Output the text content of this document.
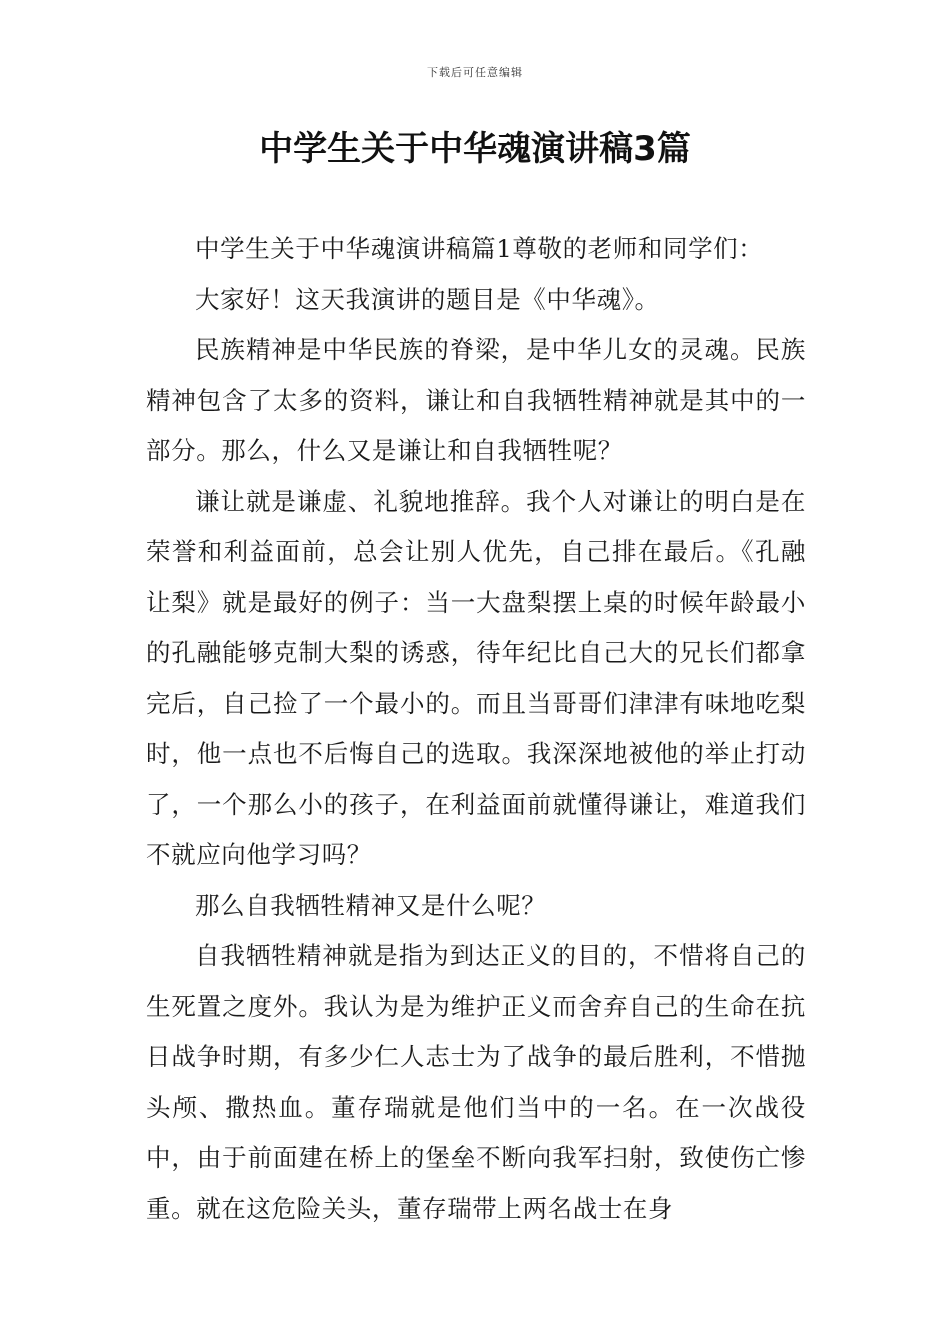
下载后可任意编辑
中学生关于中华魂演讲稿3篇

中学生关于中华魂演讲稿篇1尊敬的老师和同学们：

大家好！这天我演讲的题目是《中华魂》。

民族精神是中华民族的脊梁，是中华儿女的灵魂。民族精神包含了太多的资料，谦让和自我牺牲精神就是其中的一部分。那么，什么又是谦让和自我牺牲呢？

谦让就是谦虚、礼貌地推辞。我个人对谦让的明白是在荣誉和利益面前，总会让别人优先，自己排在最后。《孔融让梨》就是最好的例子：当一大盘梨摆上桌的时候年龄最小的孔融能够克制大梨的诱惑，待年纪比自己大的兄长们都拿完后，自己捡了一个最小的。而且当哥哥们津津有味地吃梨时，他一点也不后悔自己的选取。我深深地被他的举止打动了，一个那么小的孩子，在利益面前就懂得谦让，难道我们不就应向他学习吗？

那么自我牺牲精神又是什么呢？

自我牺牲精神就是指为到达正义的目的，不惜将自己的生死置之度外。我认为是为维护正义而舍弃自己的生命在抗日战争时期，有多少仁人志士为了战争的最后胜利，不惜抛头颅、撒热血。董存瑞就是他们当中的一名。在一次战役中，由于前面建在桥上的堡垒不断向我军扫射，致使伤亡惨重。就在这危险关头，董存瑞带上两名战士在身
